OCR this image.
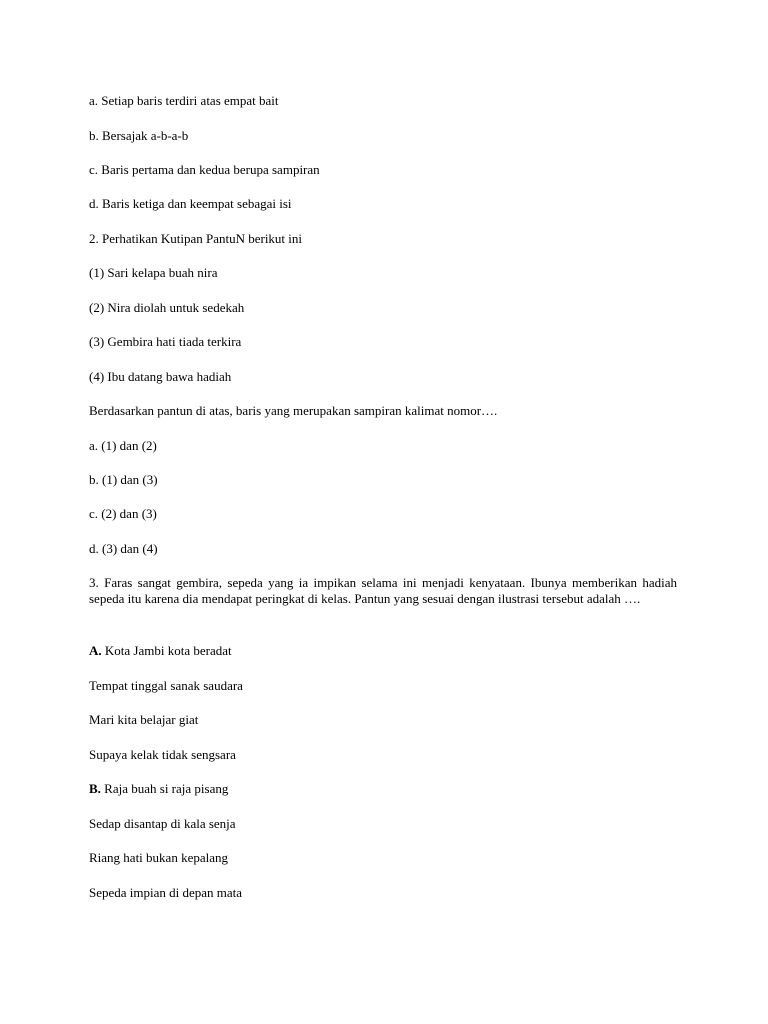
a. Setiap baris terdiri atas empat bait
b. Bersajak a-b-a-b
c. Baris pertama dan kedua berupa sampiran
d. Baris ketiga dan keempat sebagai isi
2. Perhatikan Kutipan PantuN berikut ini
(1) Sari kelapa buah nira
(2) Nira diolah untuk sedekah
(3) Gembira hati tiada terkira
(4) Ibu datang bawa hadiah
Berdasarkan pantun di atas, baris yang merupakan sampiran kalimat nomor….
a. (1) dan (2)
b. (1) dan (3)
c. (2) dan (3)
d. (3) dan (4)
3. Faras sangat gembira, sepeda yang ia impikan selama ini menjadi kenyataan. Ibunya memberikan hadiah sepeda itu karena dia mendapat peringkat di kelas. Pantun yang sesuai dengan ilustrasi tersebut adalah ….
A. Kota Jambi kota beradat
Tempat tinggal sanak saudara
Mari kita belajar giat
Supaya kelak tidak sengsara
B. Raja buah si raja pisang
Sedap disantap di kala senja
Riang hati bukan kepalang
Sepeda impian di depan mata
